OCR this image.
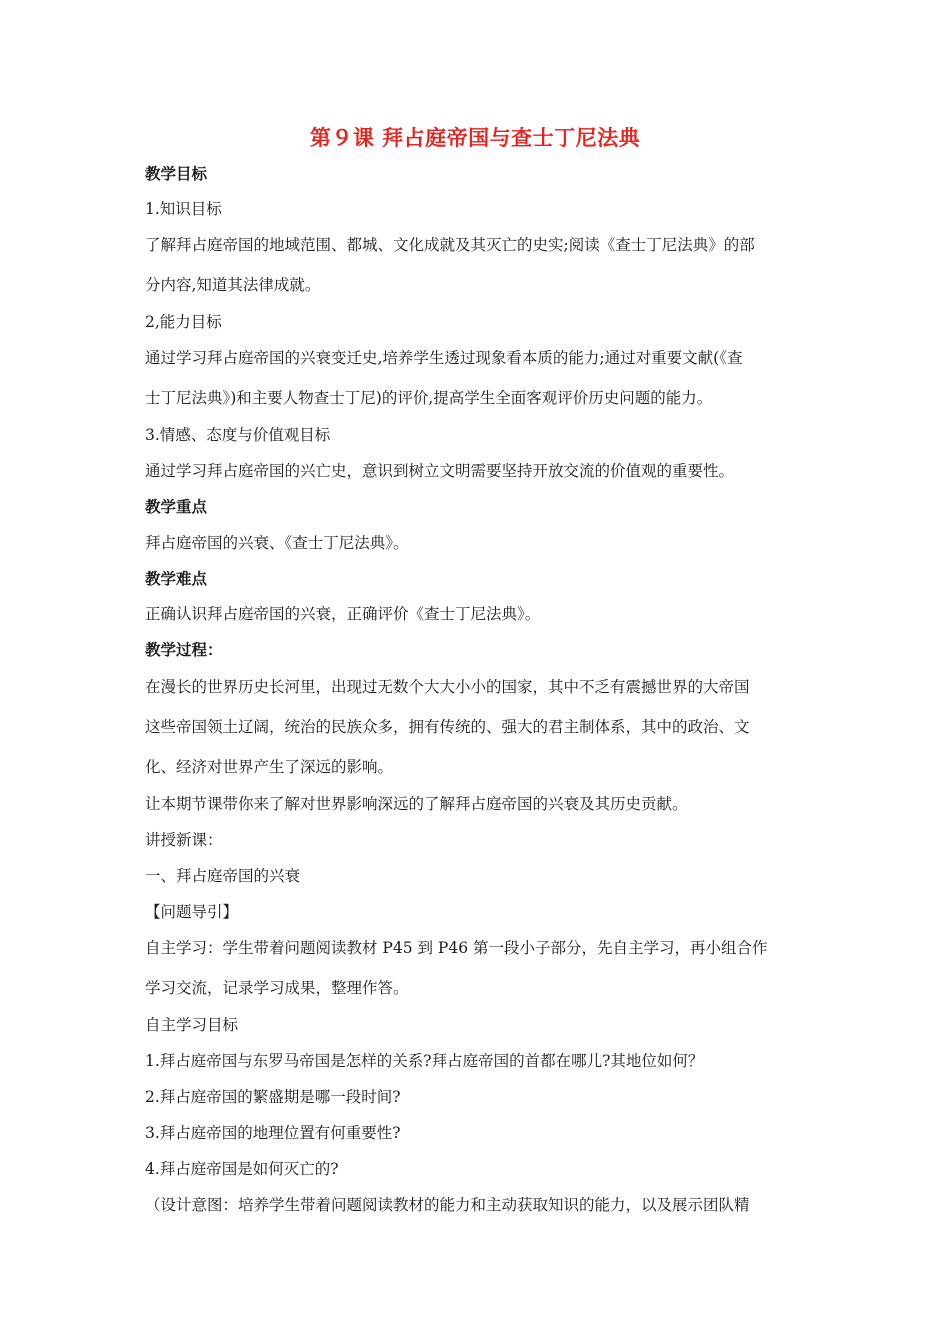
第９课 拜占庭帝国与查士丁尼法典
教学目标
1.知识目标
了解拜占庭帝国的地域范围、都城、文化成就及其灭亡的史实;阅读《查士丁尼法典》的部
分内容,知道其法律成就。
2,能力目标
通过学习拜占庭帝国的兴衰变迁史,培养学生透过现象看本质的能力;通过对重要文献(《查
士丁尼法典》)和主要人物查士丁尼)的评价,提高学生全面客观评价历史问题的能力。
3.情感、态度与价值观目标
通过学习拜占庭帝国的兴亡史，意识到树立文明需要坚持开放交流的价值观的重要性。
教学重点
拜占庭帝国的兴衰、《查士丁尼法典》。
教学难点
正确认识拜占庭帝国的兴衰，正确评价《查士丁尼法典》。
教学过程：
在漫长的世界历史长河里，出现过无数个大大小小的国家，其中不乏有震撼世界的大帝国
这些帝国领土辽阔，统治的民族众多，拥有传统的、强大的君主制体系，其中的政治、文
化、经济对世界产生了深远的影响。
让本期节课带你来了解对世界影响深远的了解拜占庭帝国的兴衰及其历史贡献。
讲授新课：
一、拜占庭帝国的兴衰
【问题导引】
自主学习：学生带着问题阅读教材 P45 到 P46 第一段小子部分，先自主学习，再小组合作
学习交流，记录学习成果，整理作答。
自主学习目标
1.拜占庭帝国与东罗马帝国是怎样的关系?拜占庭帝国的首都在哪儿?其地位如何？
2.拜占庭帝国的繁盛期是哪一段时间?
3.拜占庭帝国的地理位置有何重要性?
4.拜占庭帝国是如何灭亡的?
（设计意图：培养学生带着问题阅读教材的能力和主动获取知识的能力，以及展示团队精
